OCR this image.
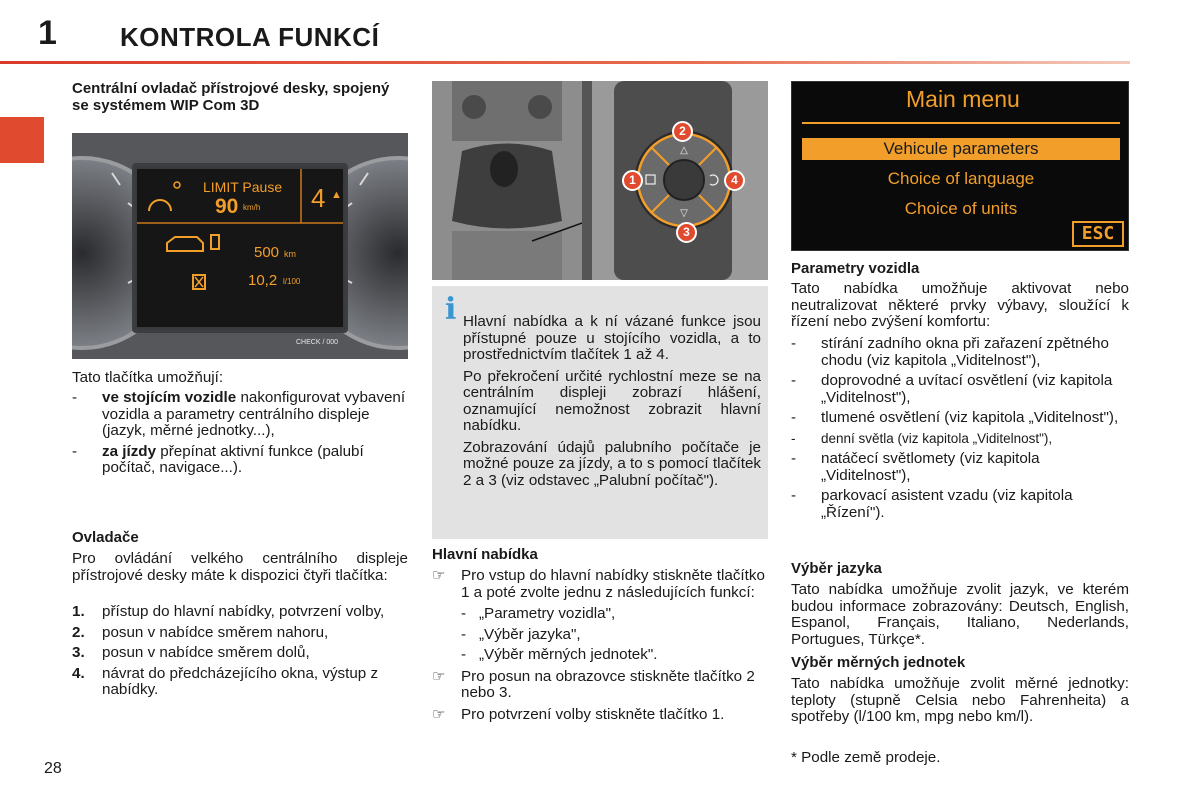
1 KONTROLA FUNKCÍ
Centrální ovladač přístrojové desky, spojený se systémem WIP Com 3D
LIMIT Pause
90 km/h 4 ▲
500 km
10,2 l/100
CHECK / 000
Tato tlačítka umožňují:
- ve stojícím vozidle nakonfigurovat vybavení vozidla a parametry centrálního displeje (jazyk, měrné jednotky...),
- za jízdy přepínat aktivní funkce (palubí počítač, navigace...).
Ovladače
Pro ovládání velkého centrálního displeje přístrojové desky máte k dispozici čtyři tlačítka:
1. přístup do hlavní nabídky, potvrzení volby,
2. posun v nabídce směrem nahoru,
3. posun v nabídce směrem dolů,
4. návrat do předcházejícího okna, výstup z nabídky.
△
▽
2
1	4
3
i Hlavní nabídka a k ní vázané funkce jsou přístupné pouze u stojícího vozidla, a to prostřednictvím tlačítek 1 až 4.

Po překročení určité rychlostní meze se na centrálním displeji zobrazí hlášení, oznamující nemožnost zobrazit hlavní nabídku.

Zobrazování údajů palubního počítače je možné pouze za jízdy, a to s pomocí tlačítek 2 a 3 (viz odstavec „Palubní počítač").

Hlavní nabídka
☞ Pro vstup do hlavní nabídky stiskněte tlačítko 1 a poté zvolte jednu z následujících funkcí:
- „Parametry vozidla",
- „Výběr jazyka",
- „Výběr měrných jednotek".
☞ Pro posun na obrazovce stiskněte tlačítko 2 nebo 3.
☞ Pro potvrzení volby stiskněte tlačítko 1.
Main menu
Vehicule parameters
Choice of language
Choice of units
ESC
Parametry vozidla
Tato nabídka umožňuje aktivovat nebo neutralizovat některé prvky výbavy, sloužící k řízení nebo zvýšení komfortu:
- stírání zadního okna při zařazení zpětného chodu (viz kapitola „Viditelnost"),
- doprovodné a uvítací osvětlení (viz kapitola „Viditelnost"),
- tlumené osvětlení (viz kapitola „Viditelnost"),
- denní světla (viz kapitola „Viditelnost"),
- natáčecí světlomety (viz kapitola „Viditelnost"),
- parkovací asistent vzadu (viz kapitola „Řízení").
Výběr jazyka
Tato nabídka umožňuje zvolit jazyk, ve kterém budou informace zobrazovány: Deutsch, English, Espanol, Français, Italiano, Nederlands, Portugues, Türkçe*.
Výběr měrných jednotek
Tato nabídka umožňuje zvolit měrné jednotky: teploty (stupně Celsia nebo Fahrenheita) a spotřeby (l/100 km, mpg nebo km/l).
* Podle země prodeje.
28
